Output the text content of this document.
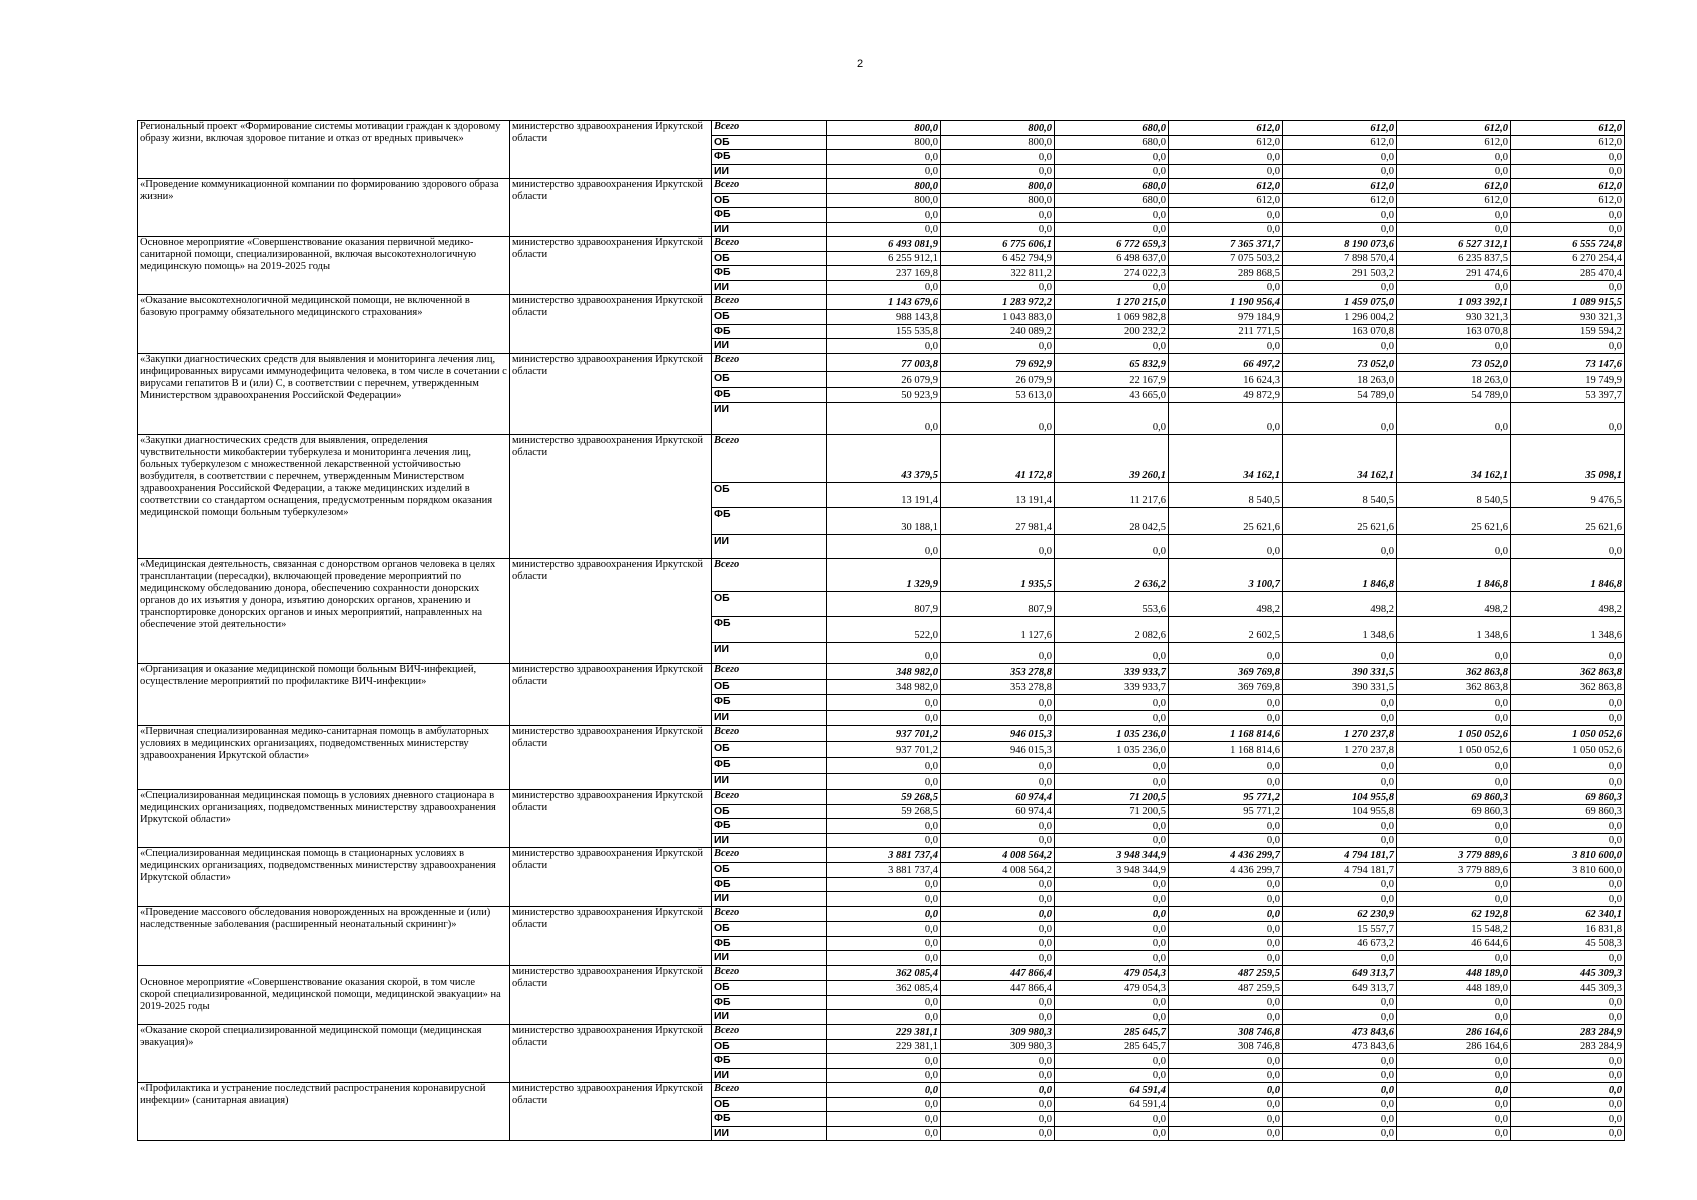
2
Региональный проект «Формирование системы мотивации граждан к здоровому образу жизни, включая здоровое питание и отказ от вредных привычек»	министерство здравоохранения Иркутской области	Всего	800,0	800,0	680,0	612,0	612,0	612,0	612,0
		ОБ	800,0	800,0	680,0	612,0	612,0	612,0	612,0
		ФБ	0,0	0,0	0,0	0,0	0,0	0,0	0,0
		ИИ	0,0	0,0	0,0	0,0	0,0	0,0	0,0
«Проведение коммуникационной компании по формированию здорового образа жизни»	министерство здравоохранения Иркутской области	Всего	800,0	800,0	680,0	612,0	612,0	612,0	612,0
		ОБ	800,0	800,0	680,0	612,0	612,0	612,0	612,0
		ФБ	0,0	0,0	0,0	0,0	0,0	0,0	0,0
		ИИ	0,0	0,0	0,0	0,0	0,0	0,0	0,0
Основное мероприятие «Совершенствование оказания первичной медико-санитарной помощи, специализированной, включая высокотехнологичную медицинскую помощь» на 2019-2025 годы	министерство здравоохранения Иркутской области	Всего	6 493 081,9	6 775 606,1	6 772 659,3	7 365 371,7	8 190 073,6	6 527 312,1	6 555 724,8
		ОБ	6 255 912,1	6 452 794,9	6 498 637,0	7 075 503,2	7 898 570,4	6 235 837,5	6 270 254,4
		ФБ	237 169,8	322 811,2	274 022,3	289 868,5	291 503,2	291 474,6	285 470,4
		ИИ	0,0	0,0	0,0	0,0	0,0	0,0	0,0
«Оказание высокотехнологичной медицинской помощи, не включенной в базовую программу обязательного медицинского страхования»	министерство здравоохранения Иркутской области	Всего	1 143 679,6	1 283 972,2	1 270 215,0	1 190 956,4	1 459 075,0	1 093 392,1	1 089 915,5
		ОБ	988 143,8	1 043 883,0	1 069 982,8	979 184,9	1 296 004,2	930 321,3	930 321,3
		ФБ	155 535,8	240 089,2	200 232,2	211 771,5	163 070,8	163 070,8	159 594,2
		ИИ	0,0	0,0	0,0	0,0	0,0	0,0	0,0
«Закупки диагностических средств для выявления и мониторинга лечения лиц, инфицированных вирусами иммунодефицита человека, в том числе в сочетании с вирусами гепатитов В и (или) С, в соответствии с перечнем, утвержденным Министерством здравоохранения Российской Федерации»	министерство здравоохранения Иркутской области	Всего	77 003,8	79 692,9	65 832,9	66 497,2	73 052,0	73 052,0	73 147,6
		ОБ	26 079,9	26 079,9	22 167,9	16 624,3	18 263,0	18 263,0	19 749,9
		ФБ	50 923,9	53 613,0	43 665,0	49 872,9	54 789,0	54 789,0	53 397,7
		ИИ	0,0	0,0	0,0	0,0	0,0	0,0	0,0
«Закупки диагностических средств для выявления, определения чувствительности микобактерии туберкулеза и мониторинга лечения лиц, больных туберкулезом с множественной лекарственной устойчивостью возбудителя, в соответствии с перечнем, утвержденным Министерством здравоохранения Российской Федерации, а также медицинских изделий в соответствии со стандартом оснащения, предусмотренным порядком оказания медицинской помощи больным туберкулезом»	министерство здравоохранения Иркутской области	Всего	43 379,5	41 172,8	39 260,1	34 162,1	34 162,1	34 162,1	35 098,1
		ОБ	13 191,4	13 191,4	11 217,6	8 540,5	8 540,5	8 540,5	9 476,5
		ФБ	30 188,1	27 981,4	28 042,5	25 621,6	25 621,6	25 621,6	25 621,6
		ИИ	0,0	0,0	0,0	0,0	0,0	0,0	0,0
«Медицинская деятельность, связанная с донорством органов человека в целях трансплантации (пересадки), включающей проведение мероприятий по медицинскому обследованию донора, обеспечению сохранности донорских органов до их изъятия у донора, изъятию донорских органов, хранению и транспортировке донорских органов и иных мероприятий, направленных на обеспечение этой деятельности»	министерство здравоохранения Иркутской области	Всего	1 329,9	1 935,5	2 636,2	3 100,7	1 846,8	1 846,8	1 846,8
		ОБ	807,9	807,9	553,6	498,2	498,2	498,2	498,2
		ФБ	522,0	1 127,6	2 082,6	2 602,5	1 348,6	1 348,6	1 348,6
		ИИ	0,0	0,0	0,0	0,0	0,0	0,0	0,0
«Организация и оказание медицинской помощи больным ВИЧ-инфекцией, осуществление мероприятий по профилактике ВИЧ-инфекции»	министерство здравоохранения Иркутской области	Всего	348 982,0	353 278,8	339 933,7	369 769,8	390 331,5	362 863,8	362 863,8
		ОБ	348 982,0	353 278,8	339 933,7	369 769,8	390 331,5	362 863,8	362 863,8
		ФБ	0,0	0,0	0,0	0,0	0,0	0,0	0,0
		ИИ	0,0	0,0	0,0	0,0	0,0	0,0	0,0
«Первичная специализированная медико-санитарная помощь в амбулаторных условиях в медицинских организациях, подведомственных министерству здравоохранения Иркутской области»	министерство здравоохранения Иркутской области	Всего	937 701,2	946 015,3	1 035 236,0	1 168 814,6	1 270 237,8	1 050 052,6	1 050 052,6
		ОБ	937 701,2	946 015,3	1 035 236,0	1 168 814,6	1 270 237,8	1 050 052,6	1 050 052,6
		ФБ	0,0	0,0	0,0	0,0	0,0	0,0	0,0
		ИИ	0,0	0,0	0,0	0,0	0,0	0,0	0,0
«Специализированная медицинская помощь в условиях дневного стационара в медицинских организациях, подведомственных министерству здравоохранения Иркутской области»	министерство здравоохранения Иркутской области	Всего	59 268,5	60 974,4	71 200,5	95 771,2	104 955,8	69 860,3	69 860,3
		ОБ	59 268,5	60 974,4	71 200,5	95 771,2	104 955,8	69 860,3	69 860,3
		ФБ	0,0	0,0	0,0	0,0	0,0	0,0	0,0
		ИИ	0,0	0,0	0,0	0,0	0,0	0,0	0,0
«Специализированная медицинская помощь в стационарных условиях в медицинских организациях, подведомственных министерству здравоохранения Иркутской области»	министерство здравоохранения Иркутской области	Всего	3 881 737,4	4 008 564,2	3 948 344,9	4 436 299,7	4 794 181,7	3 779 889,6	3 810 600,0
		ОБ	3 881 737,4	4 008 564,2	3 948 344,9	4 436 299,7	4 794 181,7	3 779 889,6	3 810 600,0
		ФБ	0,0	0,0	0,0	0,0	0,0	0,0	0,0
		ИИ	0,0	0,0	0,0	0,0	0,0	0,0	0,0
«Проведение массового обследования новорожденных на врожденные и (или) наследственные заболевания (расширенный неонатальный скрининг)»	министерство здравоохранения Иркутской области	Всего	0,0	0,0	0,0	0,0	62 230,9	62 192,8	62 340,1
		ОБ	0,0	0,0	0,0	0,0	15 557,7	15 548,2	16 831,8
		ФБ	0,0	0,0	0,0	0,0	46 673,2	46 644,6	45 508,3
		ИИ	0,0	0,0	0,0	0,0	0,0	0,0	0,0
Основное мероприятие «Совершенствование оказания скорой, в том числе скорой специализированной, медицинской помощи, медицинской эвакуации» на 2019-2025 годы	министерство здравоохранения Иркутской области	Всего	362 085,4	447 866,4	479 054,3	487 259,5	649 313,7	448 189,0	445 309,3
		ОБ	362 085,4	447 866,4	479 054,3	487 259,5	649 313,7	448 189,0	445 309,3
		ФБ	0,0	0,0	0,0	0,0	0,0	0,0	0,0
		ИИ	0,0	0,0	0,0	0,0	0,0	0,0	0,0
«Оказание скорой специализированной медицинской помощи (медицинская эвакуация)»	министерство здравоохранения Иркутской области	Всего	229 381,1	309 980,3	285 645,7	308 746,8	473 843,6	286 164,6	283 284,9
		ОБ	229 381,1	309 980,3	285 645,7	308 746,8	473 843,6	286 164,6	283 284,9
		ФБ	0,0	0,0	0,0	0,0	0,0	0,0	0,0
		ИИ	0,0	0,0	0,0	0,0	0,0	0,0	0,0
«Профилактика и устранение последствий распространения коронавирусной инфекции» (санитарная авиация)	министерство здравоохранения Иркутской области	Всего	0,0	0,0	64 591,4	0,0	0,0	0,0	0,0
		ОБ	0,0	0,0	64 591,4	0,0	0,0	0,0	0,0
		ФБ	0,0	0,0	0,0	0,0	0,0	0,0	0,0
		ИИ	0,0	0,0	0,0	0,0	0,0	0,0	0,0
